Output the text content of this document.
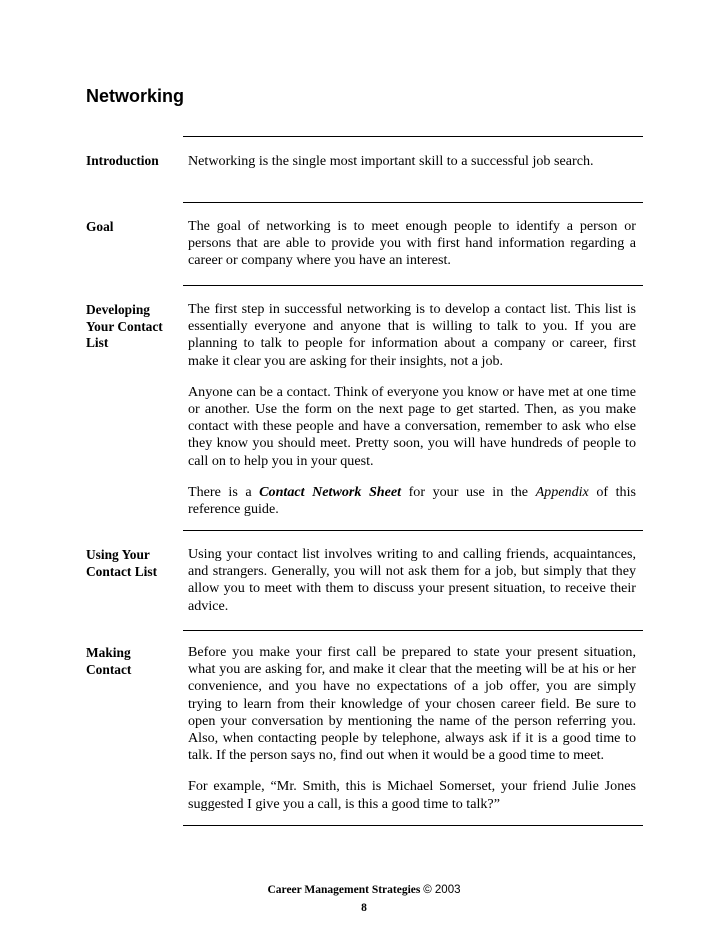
Networking
Introduction	Networking is the single most important skill to a successful job search.

Goal	The goal of networking is to meet enough people to identify a person or persons that are able to provide you with first hand information regarding a career or company where you have an interest.

Developing Your Contact List

The first step in successful networking is to develop a contact list. This list is essentially everyone and anyone that is willing to talk to you. If you are planning to talk to people for information about a company or career, first make it clear you are asking for their insights, not a job.

Anyone can be a contact. Think of everyone you know or have met at one time or another. Use the form on the next page to get started. Then, as you make contact with these people and have a conversation, remember to ask who else they know you should meet. Pretty soon, you will have hundreds of people to call on to help you in your quest.

There is a Contact Network Sheet for your use in the Appendix of this reference guide.

Using Your Contact List

Using your contact list involves writing to and calling friends, acquaintances, and strangers. Generally, you will not ask them for a job, but simply that they allow you to meet with them to discuss your present situation, to receive their advice.

Making Contact

Before you make your first call be prepared to state your present situation, what you are asking for, and make it clear that the meeting will be at his or her convenience, and you have no expectations of a job offer, you are simply trying to learn from their knowledge of your chosen career field. Be sure to open your conversation by mentioning the name of the person referring you. Also, when contacting people by telephone, always ask if it is a good time to talk. If the person says no, find out when it would be a good time to meet.

For example, “Mr. Smith, this is Michael Somerset, your friend Julie Jones suggested I give you a call, is this a good time to talk?”

Career Management Strategies © 2003
8
